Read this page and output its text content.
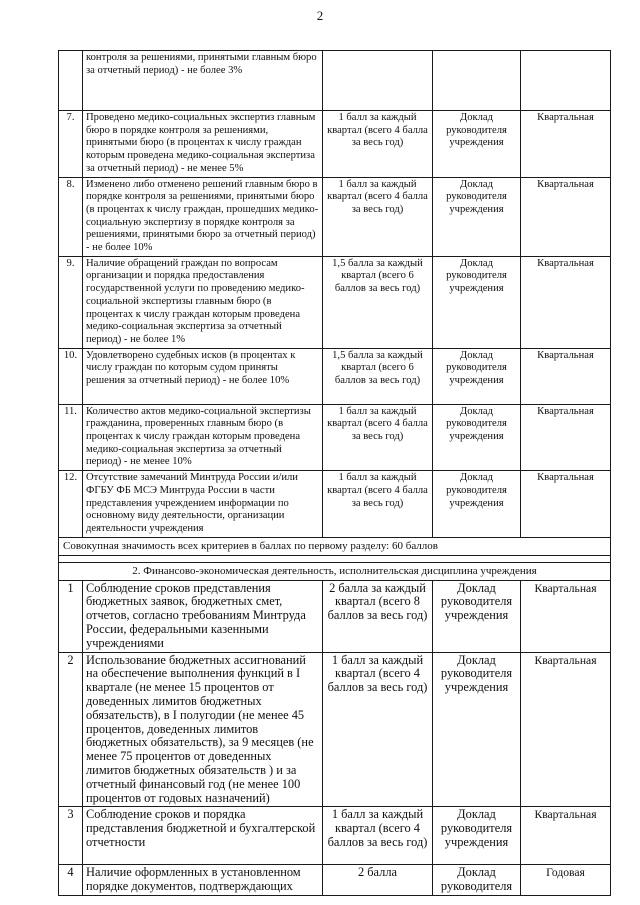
2
	контроля за решениями, принятыми главным бюро за отчетный период) - не более 3%			
7.	Проведено медико-социальных экспертиз главным бюро в порядке контроля за решениями, принятыми бюро (в процентах к числу граждан которым проведена медико-социальная экспертиза за отчетный период) - не менее 5%	1 балл за каждый квартал (всего 4 балла за весь год)	Доклад руководителя учреждения	Квартальная
8.	Изменено либо отменено решений главным бюро в порядке контроля за решениями, принятыми бюро (в процентах к числу граждан, прошедших медико-социальную экспертизу в порядке контроля за решениями, принятыми бюро за отчетный период) - не более 10%	1 балл за каждый квартал (всего 4 балла за весь год)	Доклад руководителя учреждения	Квартальная
9.	Наличие обращений граждан по вопросам организации и порядка предоставления государственной услуги по проведению медико-социальной экспертизы главным бюро (в процентах к числу граждан которым проведена медико-социальная экспертиза за отчетный период) - не более 1%	1,5 балла за каждый квартал (всего 6 баллов за весь год)	Доклад руководителя учреждения	Квартальная
10.	Удовлетворено судебных исков (в процентах к числу граждан по которым судом приняты решения за отчетный период) - не более 10%	1,5 балла за каждый квартал (всего 6 баллов за весь год)	Доклад руководителя учреждения	Квартальная
11.	Количество актов медико-социальной экспертизы гражданина, проверенных главным бюро (в процентах к числу граждан которым проведена медико-социальная экспертиза за отчетный период) - не менее 10%	1 балл за каждый квартал (всего 4 балла за весь год)	Доклад руководителя учреждения	Квартальная
12.	Отсутствие замечаний Минтруда России и/или ФГБУ ФБ МСЭ Минтруда России в части представления учреждением информации по основному виду деятельности, организации деятельности учреждения	1 балл за каждый квартал (всего 4 балла за весь год)	Доклад руководителя учреждения	Квартальная
Совокупная значимость всех критериев в баллах по первому разделу: 60 баллов				

2. Финансово-экономическая деятельность, исполнительская дисциплина учреждения				
1	Соблюдение сроков представления бюджетных заявок, бюджетных смет, отчетов, согласно требованиям Минтруда России, федеральными казенными учреждениями	2 балла за каждый квартал (всего 8 баллов за весь год)	Доклад руководителя учреждения	Квартальная
2	Использование бюджетных ассигнований на обеспечение выполнения функций в I квартале (не менее 15 процентов от доведенных лимитов бюджетных обязательств), в I полугодии (не менее 45 процентов, доведенных лимитов бюджетных обязательств), за 9 месяцев (не менее 75 процентов от доведенных лимитов бюджетных обязательств ) и за отчетный финансовый год (не менее 100 процентов от годовых назначений)	1 балл за каждый квартал (всего 4 баллов за весь год)	Доклад руководителя учреждения	Квартальная
3	Соблюдение сроков и порядка представления бюджетной и бухгалтерской отчетности	1 балл за каждый квартал (всего 4 баллов за весь год)	Доклад руководителя учреждения	Квартальная
4	Наличие оформленных в установленном порядке документов, подтверждающих	2 балла	Доклад руководителя	Годовая
